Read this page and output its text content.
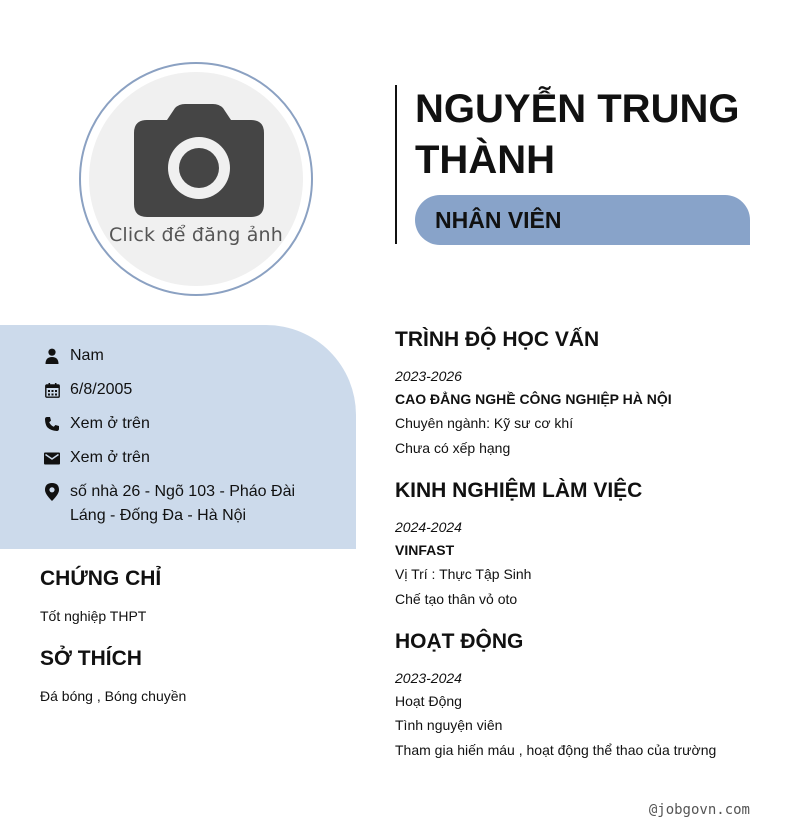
Click để đăng ảnh
NGUYỄN TRUNG THÀNH
NHÂN VIÊN
Nam
6/8/2005
Xem ở trên
Xem ở trên
số nhà 26 - Ngõ 103 - Pháo Đài Láng - Đống Đa - Hà Nội
CHỨNG CHỈ
Tốt nghiệp THPT
SỞ THÍCH
Đá bóng , Bóng chuyền
TRÌNH ĐỘ HỌC VẤN
2023-2026
CAO ĐẲNG NGHỀ CÔNG NGHIỆP HÀ NỘI
Chuyên ngành: Kỹ sư cơ khí
Chưa có xếp hạng
KINH NGHIỆM LÀM VIỆC
2024-2024
VINFAST
Vị Trí : Thực Tập Sinh
Chế tạo thân vỏ oto
HOẠT ĐỘNG
2023-2024
Hoạt Động
Tình nguyện viên
Tham gia hiến máu , hoạt động thể thao của trường
@jobgovn.com
